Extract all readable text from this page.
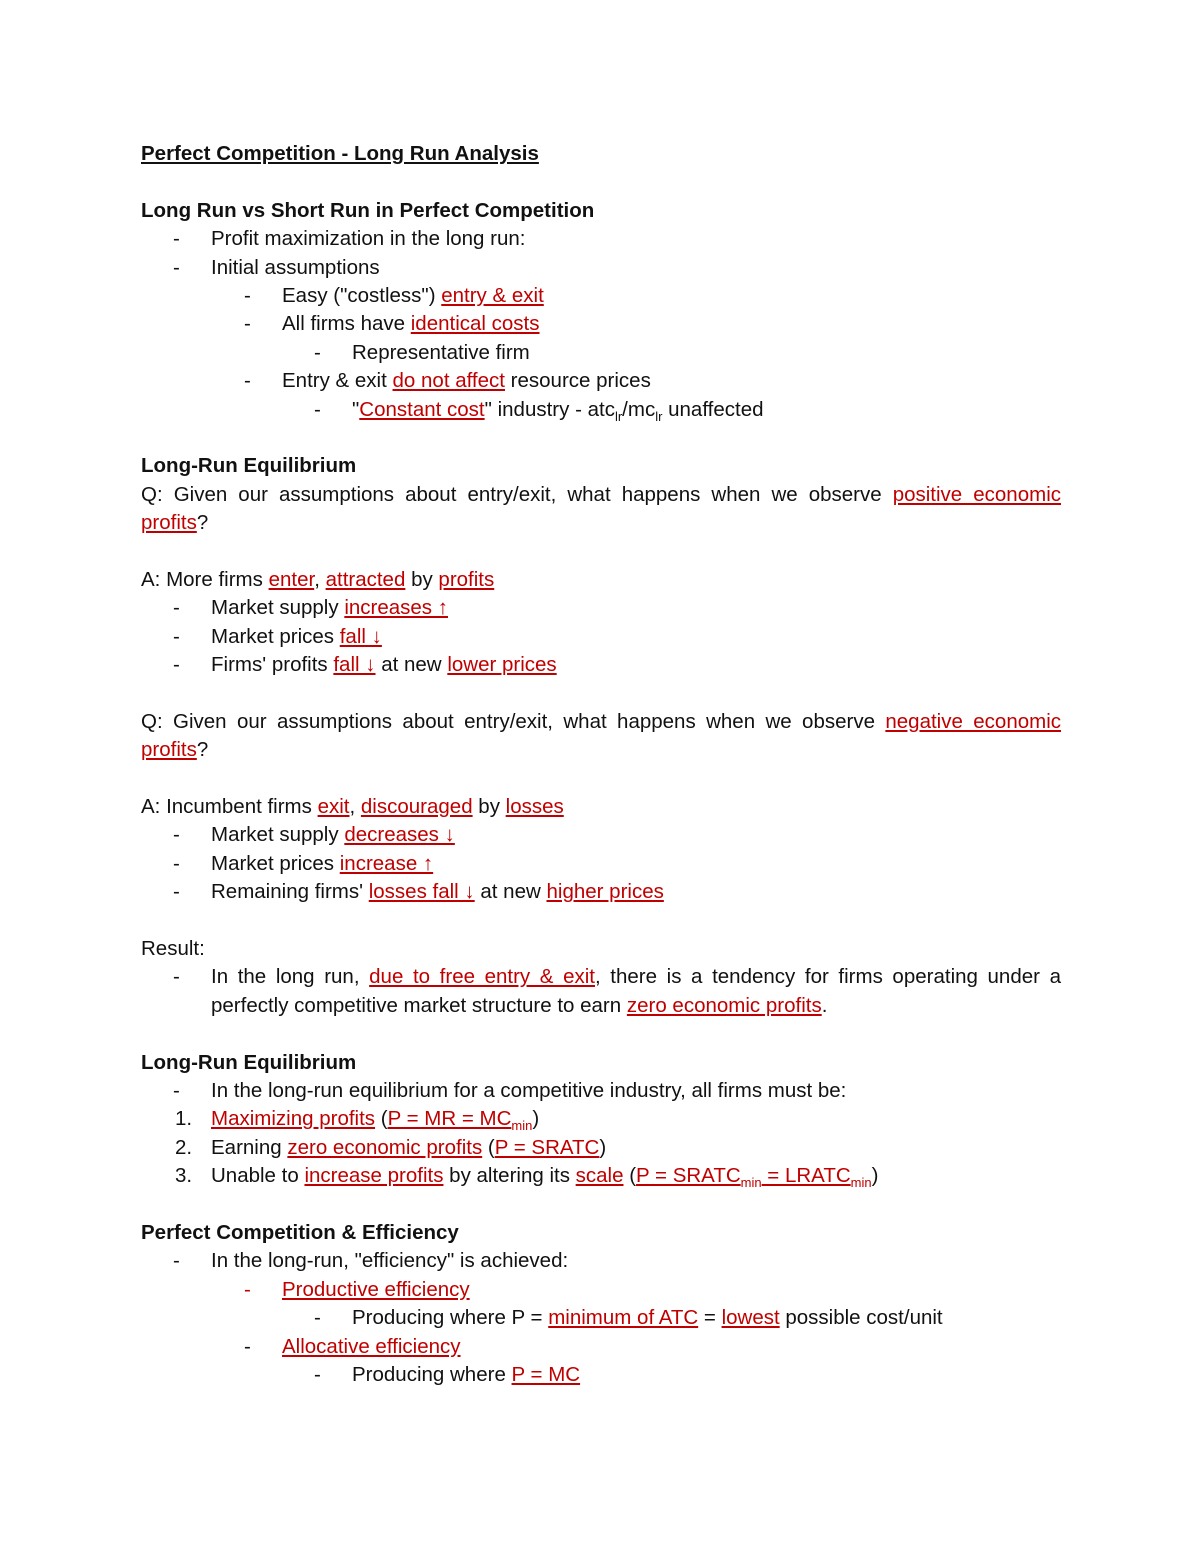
Perfect Competition - Long Run Analysis
Long Run vs Short Run in Perfect Competition
-	Profit maximization in the long run:
-	Initial assumptions
-	Easy ("costless") entry & exit
-	All firms have identical costs
-	Representative firm
-	Entry & exit do not affect resource prices
-	"Constant cost" industry - $atc_{lr}/mc_{lr}$ unaffected
Long-Run Equilibrium
Q: Given our assumptions about entry/exit, what happens when we observe positive economic profits?
A: More firms enter, attracted by profits
-	Market supply increases ↑
-	Market prices fall ↓
-	Firms' profits fall ↓ at new lower prices
Q: Given our assumptions about entry/exit, what happens when we observe negative economic profits?
A: Incumbent firms exit, discouraged by losses
-	Market supply decreases ↓
-	Market prices increase ↑
-	Remaining firms' losses fall ↓ at new higher prices
Result:
-	In the long run, due to free entry & exit, there is a tendency for firms operating under a perfectly competitive market structure to earn zero economic profits.
Long-Run Equilibrium
-	In the long-run equilibrium for a competitive industry, all firms must be:
1. Maximizing profits (P = MR = $MC_{min}$)
2. Earning zero economic profits (P = SRATC)
3. Unable to increase profits by altering its scale ($P = SRATC_{min}$ = $LRATC_{min}$)
Perfect Competition & Efficiency
-	In the long-run, "efficiency" is achieved:
-	Productive efficiency
-	Producing where P = minimum of ATC = lowest possible cost/unit
-	Allocative efficiency
-	Producing where P = MC
